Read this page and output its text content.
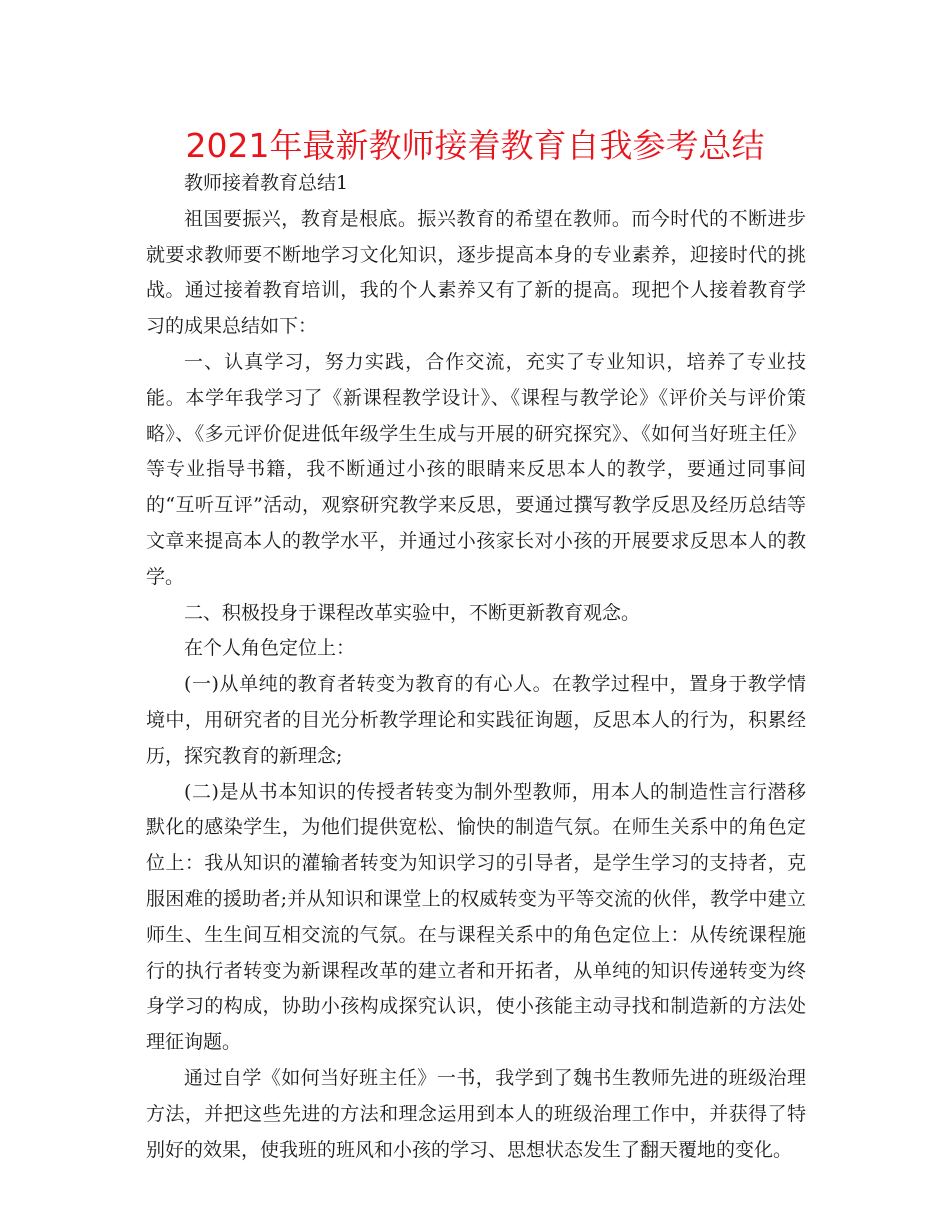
2021年最新教师接着教育自我参考总结

教师接着教育总结1

祖国要振兴，教育是根底。振兴教育的希望在教师。而今时代的不断进步就要求教师要不断地学习文化知识，逐步提高本身的专业素养，迎接时代的挑战。通过接着教育培训，我的个人素养又有了新的提高。现把个人接着教育学习的成果总结如下：

一、认真学习，努力实践，合作交流，充实了专业知识，培养了专业技能。本学年我学习了《新课程教学设计》、《课程与教学论》《评价关与评价策略》、《多元评价促进低年级学生生成与开展的研究探究》、《如何当好班主任》等专业指导书籍，我不断通过小孩的眼睛来反思本人的教学，要通过同事间的“互听互评”活动，观察研究教学来反思，要通过撰写教学反思及经历总结等文章来提高本人的教学水平，并通过小孩家长对小孩的开展要求反思本人的教学。

二、积极投身于课程改革实验中，不断更新教育观念。

在个人角色定位上：

(一)从单纯的教育者转变为教育的有心人。在教学过程中，置身于教学情境中，用研究者的目光分析教学理论和实践征询题，反思本人的行为，积累经历，探究教育的新理念;

(二)是从书本知识的传授者转变为制外型教师，用本人的制造性言行潜移默化的感染学生，为他们提供宽松、愉快的制造气氛。在师生关系中的角色定位上：我从知识的灌输者转变为知识学习的引导者，是学生学习的支持者，克服困难的援助者;并从知识和课堂上的权威转变为平等交流的伙伴，教学中建立师生、生生间互相交流的气氛。在与课程关系中的角色定位上：从传统课程施行的执行者转变为新课程改革的建立者和开拓者，从单纯的知识传递转变为终身学习的构成，协助小孩构成探究认识，使小孩能主动寻找和制造新的方法处理征询题。

通过自学《如何当好班主任》一书，我学到了魏书生教师先进的班级治理方法，并把这些先进的方法和理念运用到本人的班级治理工作中，并获得了特别好的效果，使我班的班风和小孩的学习、思想状态发生了翻天覆地的变化。
